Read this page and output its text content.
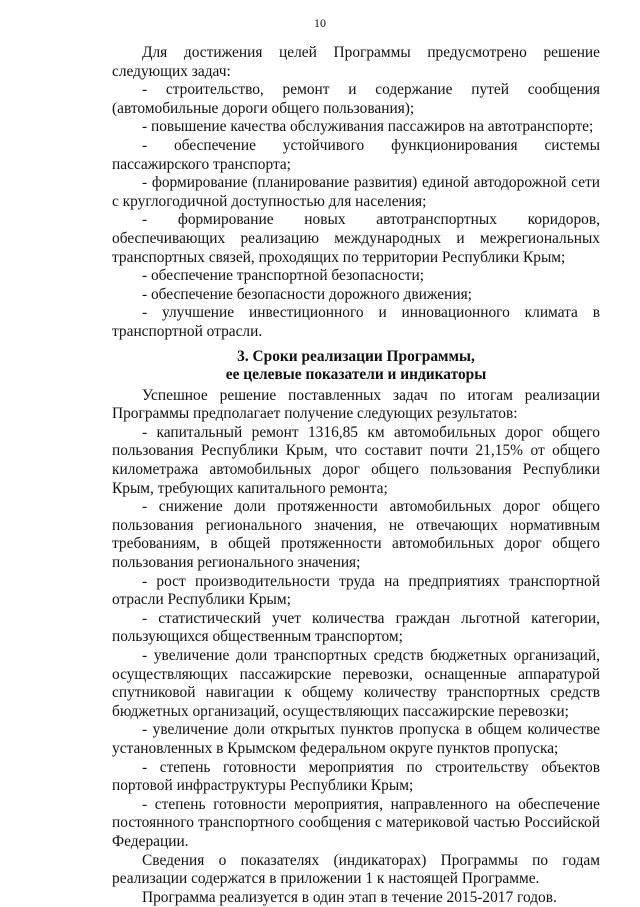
10

Для достижения целей Программы предусмотрено решение следующих задач:

- строительство, ремонт и содержание путей сообщения (автомобильные дороги общего пользования);

- повышение качества обслуживания пассажиров на автотранспорте;

- обеспечение устойчивого функционирования системы пассажирского транспорта;

- формирование (планирование развития) единой автодорожной сети с круглогодичной доступностью для населения;

- формирование новых автотранспортных коридоров, обеспечивающих реализацию международных и межрегиональных транспортных связей, проходящих по территории Республики Крым;

- обеспечение транспортной безопасности;

- обеспечение безопасности дорожного движения;

- улучшение инвестиционного и инновационного климата в транспортной отрасли.

3. Сроки реализации Программы,
ее целевые показатели и индикаторы

Успешное решение поставленных задач по итогам реализации Программы предполагает получение следующих результатов:

- капитальный ремонт 1316,85 км автомобильных дорог общего пользования Республики Крым, что составит почти 21,15% от общего километража автомобильных дорог общего пользования Республики Крым, требующих капитального ремонта;

- снижение доли протяженности автомобильных дорог общего пользования регионального значения, не отвечающих нормативным требованиям, в общей протяженности автомобильных дорог общего пользования регионального значения;

- рост производительности труда на предприятиях транспортной отрасли Республики Крым;

- статистический учет количества граждан льготной категории, пользующихся общественным транспортом;

- увеличение доли транспортных средств бюджетных организаций, осуществляющих пассажирские перевозки, оснащенные аппаратурой спутниковой навигации к общему количеству транспортных средств бюджетных организаций, осуществляющих пассажирские перевозки;

- увеличение доли открытых пунктов пропуска в общем количестве установленных в Крымском федеральном округе пунктов пропуска;

- степень готовности мероприятия по строительству объектов портовой инфраструктуры Республики Крым;

- степень готовности мероприятия, направленного на обеспечение постоянного транспортного сообщения с материковой частью Российской Федерации.

Сведения о показателях (индикаторах) Программы по годам реализации содержатся в приложении 1 к настоящей Программе.

Программа реализуется в один этап в течение 2015-2017 годов.
